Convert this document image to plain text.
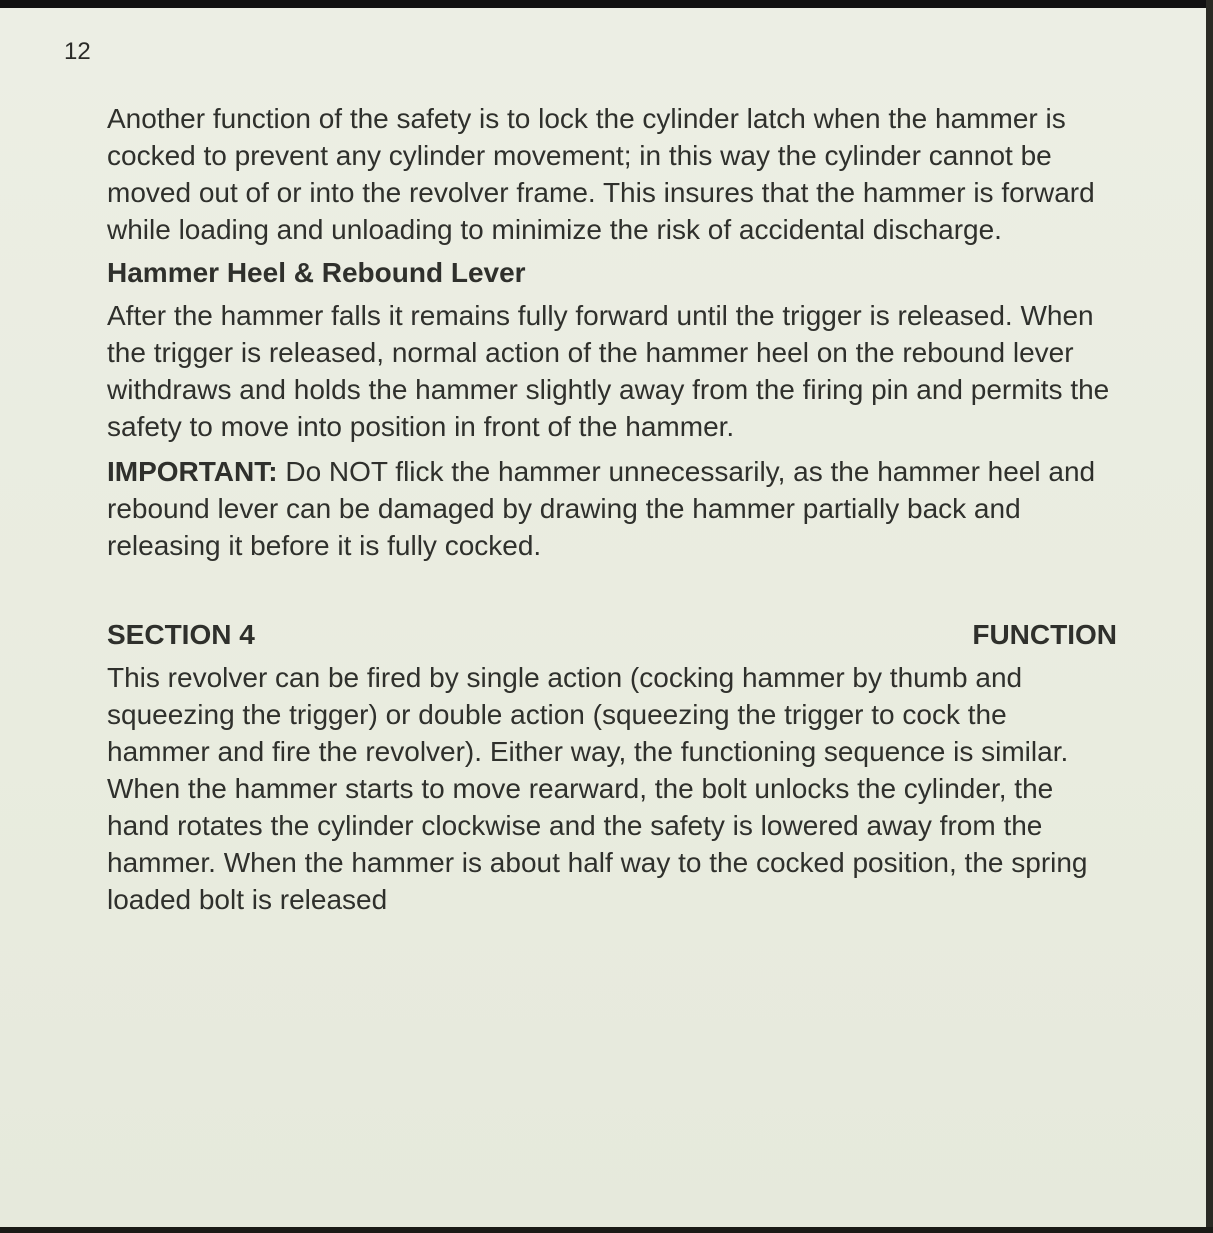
12

Another function of the safety is to lock the cylinder latch when the hammer is cocked to prevent any cylinder movement; in this way the cylinder cannot be moved out of or into the revolver frame. This insures that the hammer is forward while loading and unloading to minimize the risk of accidental discharge.

Hammer Heel & Rebound Lever

After the hammer falls it remains fully forward until the trigger is released. When the trigger is released, normal action of the hammer heel on the rebound lever withdraws and holds the hammer slightly away from the firing pin and permits the safety to move into position in front of the hammer.

IMPORTANT: Do NOT flick the hammer unnecessarily, as the hammer heel and rebound lever can be damaged by drawing the hammer partially back and releasing it before it is fully cocked.

SECTION 4	FUNCTION

This revolver can be fired by single action (cocking hammer by thumb and squeezing the trigger) or double action (squeezing the trigger to cock the hammer and fire the revolver). Either way, the functioning sequence is similar. When the hammer starts to move rearward, the bolt unlocks the cylinder, the hand rotates the cylinder clockwise and the safety is lowered away from the hammer. When the hammer is about half way to the cocked position, the spring loaded bolt is released
